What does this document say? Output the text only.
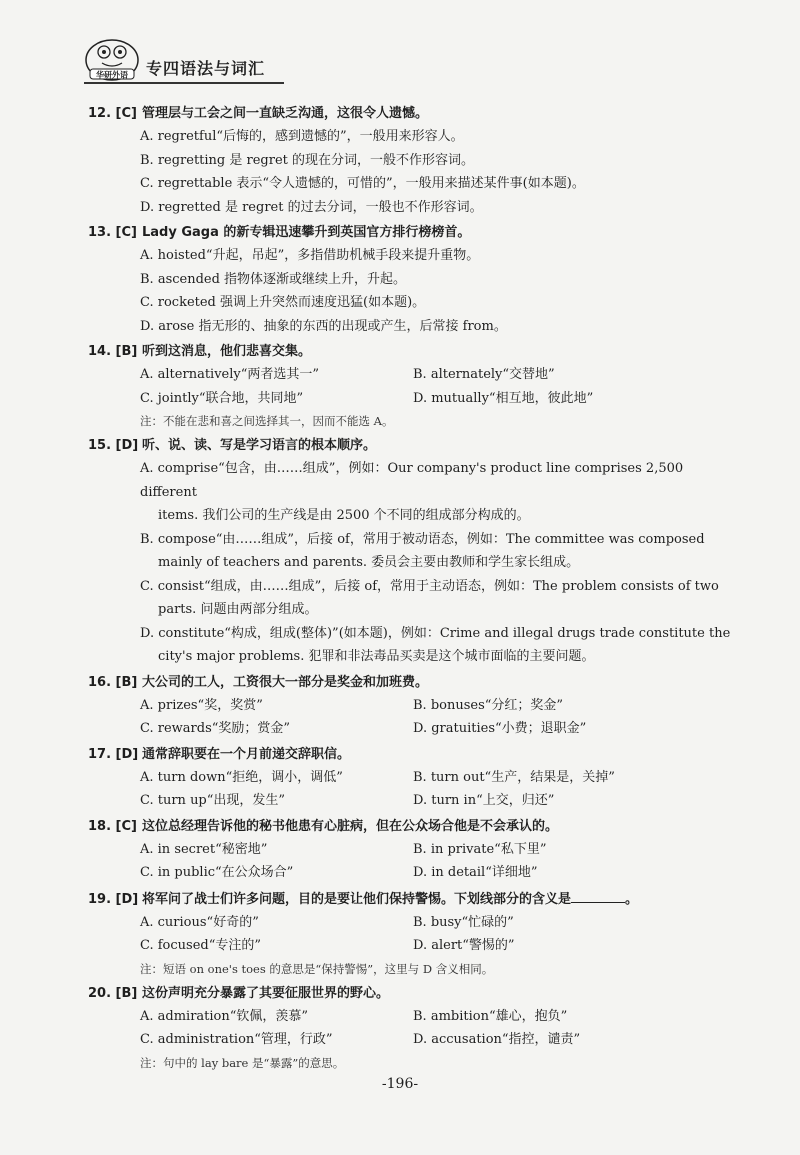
华研外语 专四语法与词汇
12. [C] 管理层与工会之间一直缺乏沟通，这很令人遗憾。
A. regretful“后悔的，感到遗憾的”，一般用来形容人。
B. regretting 是 regret 的现在分词，一般不作形容词。
C. regrettable 表示“令人遗憾的，可惜的”，一般用来描述某件事(如本题)。
D. regretted 是 regret 的过去分词，一般也不作形容词。
13. [C] Lady Gaga 的新专辑迅速攀升到英国官方排行榜榜首。
A. hoisted“升起，吊起”，多指借助机械手段来提升重物。
B. ascended 指物体逐渐或继续上升，升起。
C. rocketed 强调上升突然而速度迅猛(如本题)。
D. arose 指无形的、抽象的东西的出现或产生，后常接 from。
14. [B] 听到这消息，他们悲喜交集。
A. alternatively“两者选其一”	B. alternately“交替地”
C. jointly“联合地，共同地”	D. mutually“相互地，彼此地”
注：不能在悲和喜之间选择其一，因而不能选 A。
15. [D] 听、说、读、写是学习语言的根本顺序。
A. comprise“包含，由……组成”，例如：Our company's product line comprises 2,500 different
items. 我们公司的生产线是由 2500 个不同的组成部分构成的。
B. compose“由……组成”，后接 of，常用于被动语态，例如：The committee was composed
mainly of teachers and parents. 委员会主要由教师和学生家长组成。
C. consist“组成，由……组成”，后接 of，常用于主动语态，例如：The problem consists of two
parts. 问题由两部分组成。
D. constitute“构成，组成(整体)”(如本题)，例如：Crime and illegal drugs trade constitute the
city's major problems. 犯罪和非法毒品买卖是这个城市面临的主要问题。
16. [B] 大公司的工人，工资很大一部分是奖金和加班费。
A. prizes“奖，奖赏”	B. bonuses“分红；奖金”
C. rewards“奖励；赏金”	D. gratuities“小费；退职金”
17. [D] 通常辞职要在一个月前递交辞职信。
A. turn down“拒绝，调小，调低”	B. turn out“生产，结果是，关掉”
C. turn up“出现，发生”	D. turn in“上交，归还”
18. [C] 这位总经理告诉他的秘书他患有心脏病，但在公众场合他是不会承认的。
A. in secret“秘密地”	B. in private“私下里”
C. in public“在公众场合”	D. in detail“详细地”
19. [D] 将军问了战士们许多问题，目的是要让他们保持警惕。下划线部分的含义是	。
A. curious“好奇的”	B. busy“忙碌的”
C. focused“专注的”	D. alert“警惕的”
注：短语 on one's toes 的意思是“保持警惕”，这里与 D 含义相同。
20. [B] 这份声明充分暴露了其要征服世界的野心。
A. admiration“钦佩，羡慕”	B. ambition“雄心，抱负”
C. administration“管理，行政”	D. accusation“指控，谴责”
注：句中的 lay bare 是“暴露”的意思。
-196-
